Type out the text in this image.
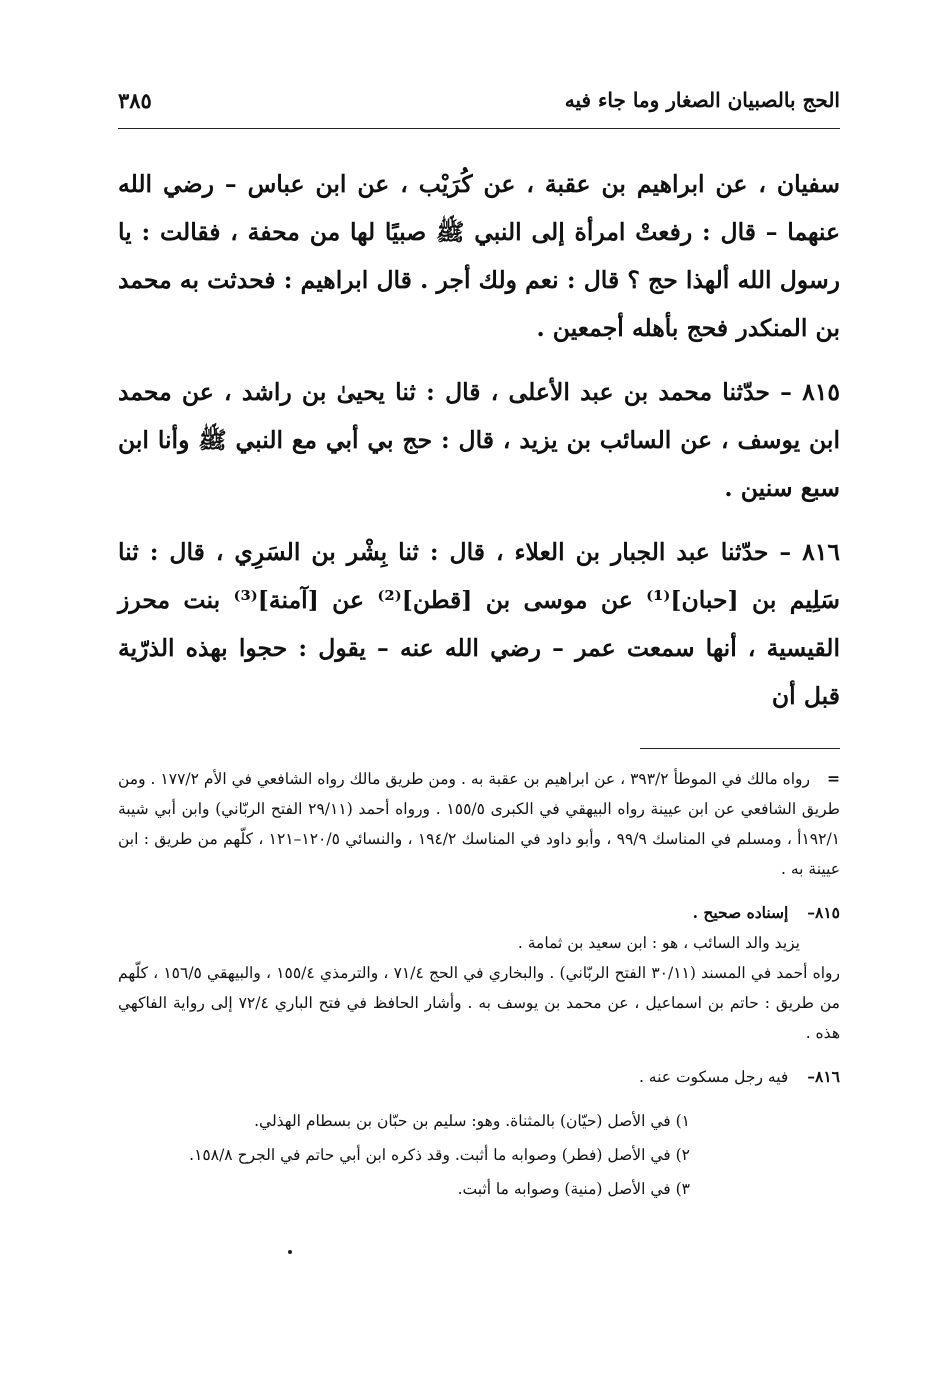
الحج بالصبيان الصغار وما جاء فيه
٣٨٥

سفيان ، عن ابراهيم بن عقبة ، عن كُرَيْب ، عن ابن عباس – رضي الله عنهما – قال : رفعتْ امرأة إلى النبي ﷺ صبيًا لها من محفة ، فقالت : يا رسول الله ألهذا حج ؟ قال : نعم ولك أجر . قال ابراهيم : فحدثت به محمد بن المنكدر فحج بأهله أجمعين .

٨١٥ – حدّثنا محمد بن عبد الأعلى ، قال : ثنا يحيىٰ بن راشد ، عن محمد ابن يوسف ، عن السائب بن يزيد ، قال : حج بي أبي مع النبي ﷺ وأنا ابن سبع سنين .

٨١٦ – حدّثنا عبد الجبار بن العلاء ، قال : ثنا بِشْر بن السَرِي ، قال : ثنا سَلِيم بن [حبان]⁽¹⁾ عن موسى بن [قطن]⁽²⁾ عن [آمنة]⁽³⁾ بنت محرز القيسية ، أنها سمعت عمر – رضي الله عنه – يقول : حجوا بهذه الذرّية قبل أن

= رواه مالك في الموطأ ٣٩٣/٢ ، عن ابراهيم بن عقبة به . ومن طريق مالك رواه الشافعي في الأم ١٧٧/٢ . ومن طريق الشافعي عن ابن عيينة رواه البيهقي في الكبرى ١٥٥/٥ . ورواه أحمد (٢٩/١١ الفتح الربّاني) وابن أبي شيبة ١٩٢/١أ ، ومسلم في المناسك ٩٩/٩ ، وأبو داود في المناسك ١٩٤/٢ ، والنسائي ١٢٠/٥–١٢١ ، كلّهم من طريق : ابن عيينة به .
٨١٥– إسناده صحيح .
يزيد والد السائب ، هو : ابن سعيد بن ثمامة .
رواه أحمد في المسند (٣٠/١١ الفتح الربّاني) . والبخاري في الحج ٧١/٤ ، والترمذي ١٥٥/٤ ، والبيهقي ١٥٦/٥ ، كلّهم من طريق : حاتم بن اسماعيل ، عن محمد بن يوسف به . وأشار الحافظ في فتح الباري ٧٢/٤ إلى رواية الفاكهي هذه .
٨١٦– فيه رجل مسكوت عنه .
١) في الأصل (حيّان) بالمثناة. وهو: سليم بن حبّان بن بسطام الهذلي.
٢) في الأصل (فطر) وصوابه ما أثبت. وقد ذكره ابن أبي حاتم في الجرح ١٥٨/٨.
٣) في الأصل (منية) وصوابه ما أثبت.
